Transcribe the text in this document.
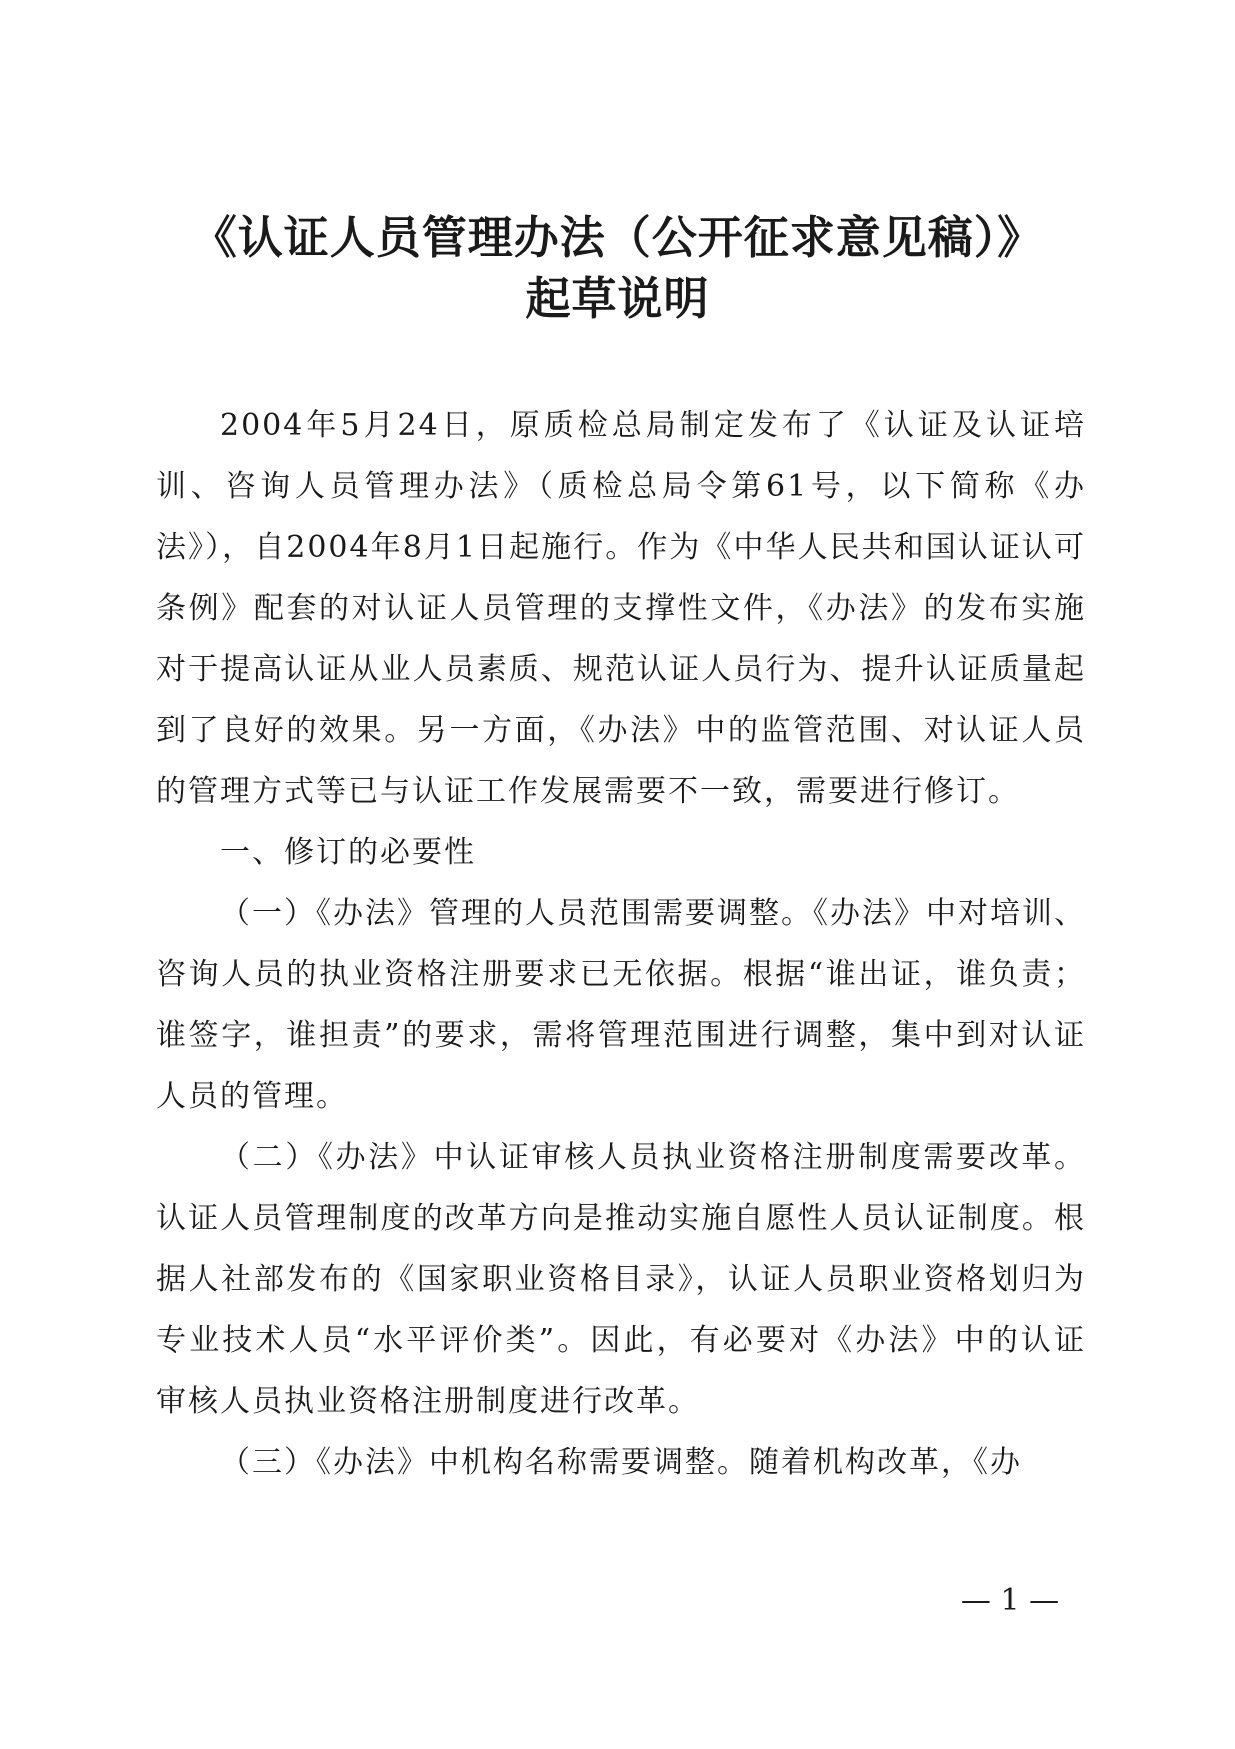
《认证人员管理办法（公开征求意见稿）》
起草说明

2004年5月24日，原质检总局制定发布了《认证及认证培训、咨询人员管理办法》（质检总局令第61号，以下简称《办法》），自2004年8月1日起施行。作为《中华人民共和国认证认可条例》配套的对认证人员管理的支撑性文件，《办法》的发布实施对于提高认证从业人员素质、规范认证人员行为、提升认证质量起到了良好的效果。另一方面，《办法》中的监管范围、对认证人员的管理方式等已与认证工作发展需要不一致，需要进行修订。

一、修订的必要性

（一）《办法》管理的人员范围需要调整。《办法》中对培训、咨询人员的执业资格注册要求已无依据。根据“谁出证，谁负责；谁签字，谁担责”的要求，需将管理范围进行调整，集中到对认证人员的管理。

（二）《办法》中认证审核人员执业资格注册制度需要改革。认证人员管理制度的改革方向是推动实施自愿性人员认证制度。根据人社部发布的《国家职业资格目录》，认证人员职业资格划归为专业技术人员“水平评价类”。因此，有必要对《办法》中的认证审核人员执业资格注册制度进行改革。

（三）《办法》中机构名称需要调整。随着机构改革，《办

— 1 —
